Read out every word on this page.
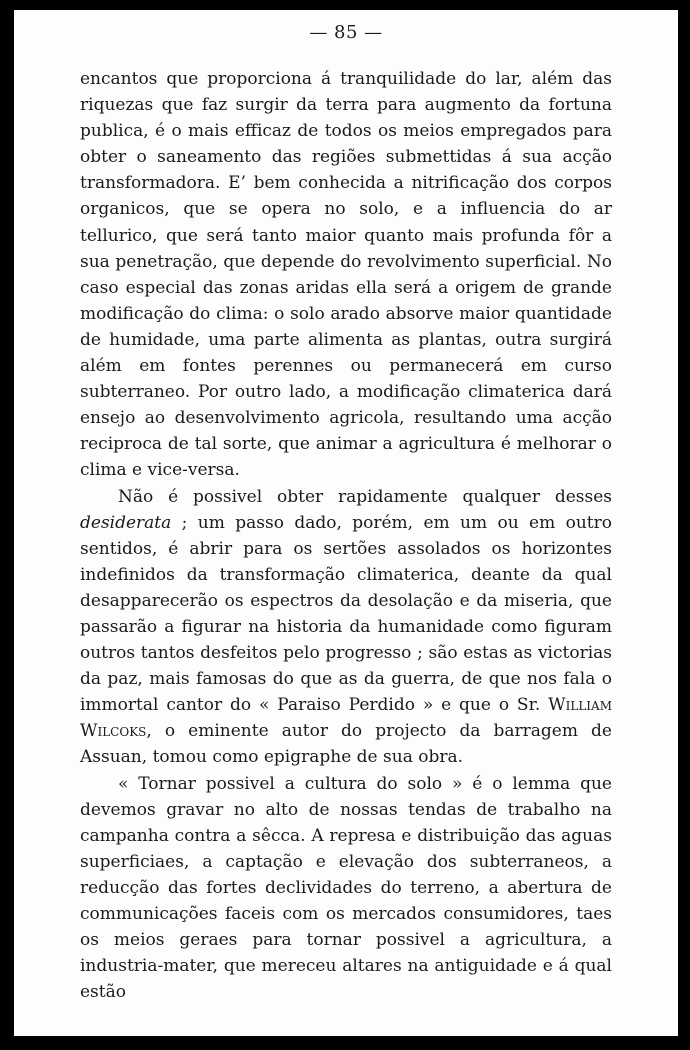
— 85 —

encantos que proporciona á tranquilidade do lar, além das riquezas que faz surgir da terra para augmento da fortuna publica, é o mais efficaz de todos os meios empregados para obter o saneamento das regiões submettidas á sua acção transformadora. E’ bem conhecida a nitrificação dos corpos organicos, que se opera no solo, e a influencia do ar tellurico, que será tanto maior quanto mais profunda fôr a sua penetração, que depende do revolvimento superficial. No caso especial das zonas aridas ella será a origem de grande modificação do clima: o solo arado absorve maior quantidade de humidade, uma parte alimenta as plantas, outra surgirá além em fontes perennes ou permanecerá em curso subterraneo. Por outro lado, a modificação climaterica dará ensejo ao desenvolvimento agricola, resultando uma acção reciproca de tal sorte, que animar a agricultura é melhorar o clima e vice-versa.

Não é possivel obter rapidamente qualquer desses desiderata ; um passo dado, porém, em um ou em outro sentidos, é abrir para os sertões assolados os horizontes indefinidos da transformação climaterica, deante da qual desapparecerão os espectros da desolação e da miseria, que passarão a figurar na historia da humanidade como figuram outros tantos desfeitos pelo progresso ; são estas as victorias da paz, mais famosas do que as da guerra, de que nos fala o immortal cantor do « Paraiso Perdido » e que o Sr. William Wilcoks, o eminente autor do projecto da barragem de Assuan, tomou como epigraphe de sua obra.

« Tornar possivel a cultura do solo » é o lemma que devemos gravar no alto de nossas tendas de trabalho na campanha contra a sêcca. A represa e distribuição das aguas superficiaes, a captação e elevação dos subterraneos, a reducção das fortes declividades do terreno, a abertura de communicações faceis com os mercados consumidores, taes os meios geraes para tornar possivel a agricultura, a industria-mater, que mereceu altares na antiguidade e á qual estão
